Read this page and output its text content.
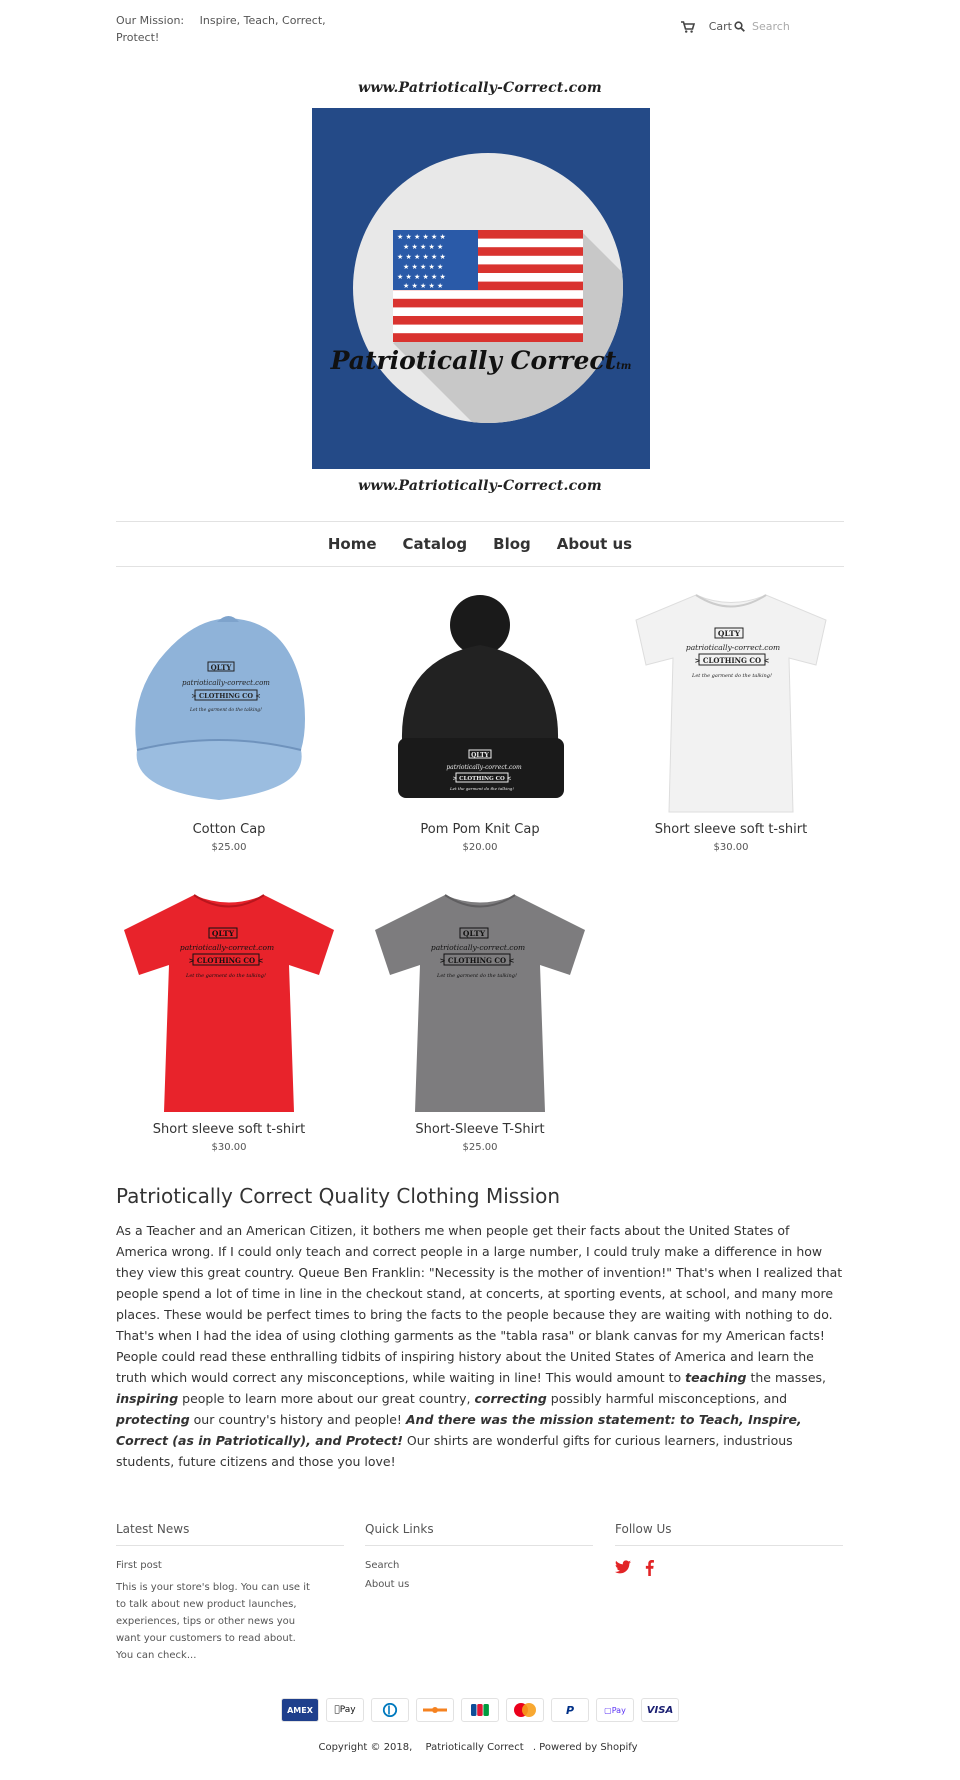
Our Mission: Inspire, Teach, Correct, Protect!
Cart Search
www.Patriotically-Correct.com
★ ★ ★ ★ ★ ★
★ ★ ★ ★ ★
★ ★ ★ ★ ★ ★
★ ★ ★ ★ ★
★ ★ ★ ★ ★ ★
★ ★ ★ ★ ★
Patriotically Correcttm
www.Patriotically-Correct.com
Home Catalog Blog About us
QLTY
patriotically-correct.com
> CLOTHING CO <
Let the garment do the talking!
Cotton Cap
$25.00
QLTY
patriotically-correct.com
> CLOTHING CO <
Let the garment do the talking!
Pom Pom Knit Cap
$20.00
QLTY
patriotically-correct.com
> CLOTHING CO <
Let the garment do the talking!
Short sleeve soft t-shirt
$30.00
QLTY
patriotically-correct.com
> CLOTHING CO <
Let the garment do the talking!
Short sleeve soft t-shirt
$30.00
QLTY
patriotically-correct.com
> CLOTHING CO <
Let the garment do the talking!
Short-Sleeve T-Shirt
$25.00
Patriotically Correct Quality Clothing Mission

As a Teacher and an American Citizen, it bothers me when people get their facts about the United States of America wrong. If I could only teach and correct people in a large number, I could truly make a difference in how they view this great country. Queue Ben Franklin: "Necessity is the mother of invention!" That's when I realized that people spend a lot of time in line in the checkout stand, at concerts, at sporting events, at school, and many more places. These would be perfect times to bring the facts to the people because they are waiting with nothing to do. That's when I had the idea of using clothing garments as the "tabla rasa" or blank canvas for my American facts! People could read these enthralling tidbits of inspiring history about the United States of America and learn the truth which would correct any misconceptions, while waiting in line! This would amount to teaching the masses, inspiring people to learn more about our great country, correcting possibly harmful misconceptions, and protecting our country's history and people! And there was the mission statement: to Teach, Inspire, Correct (as in Patriotically), and Protect! Our shirts are wonderful gifts for curious learners, industrious students, future citizens and those you love!

Latest News
First post
This is your store's blog. You can use it to talk about new product launches, experiences, tips or other news you want your customers to read about. You can check...
Quick Links
Search
About us
Follow Us
AMEX	Pay	P	▢Pay	VISA
Copyright © 2018, Patriotically Correct . Powered by Shopify
